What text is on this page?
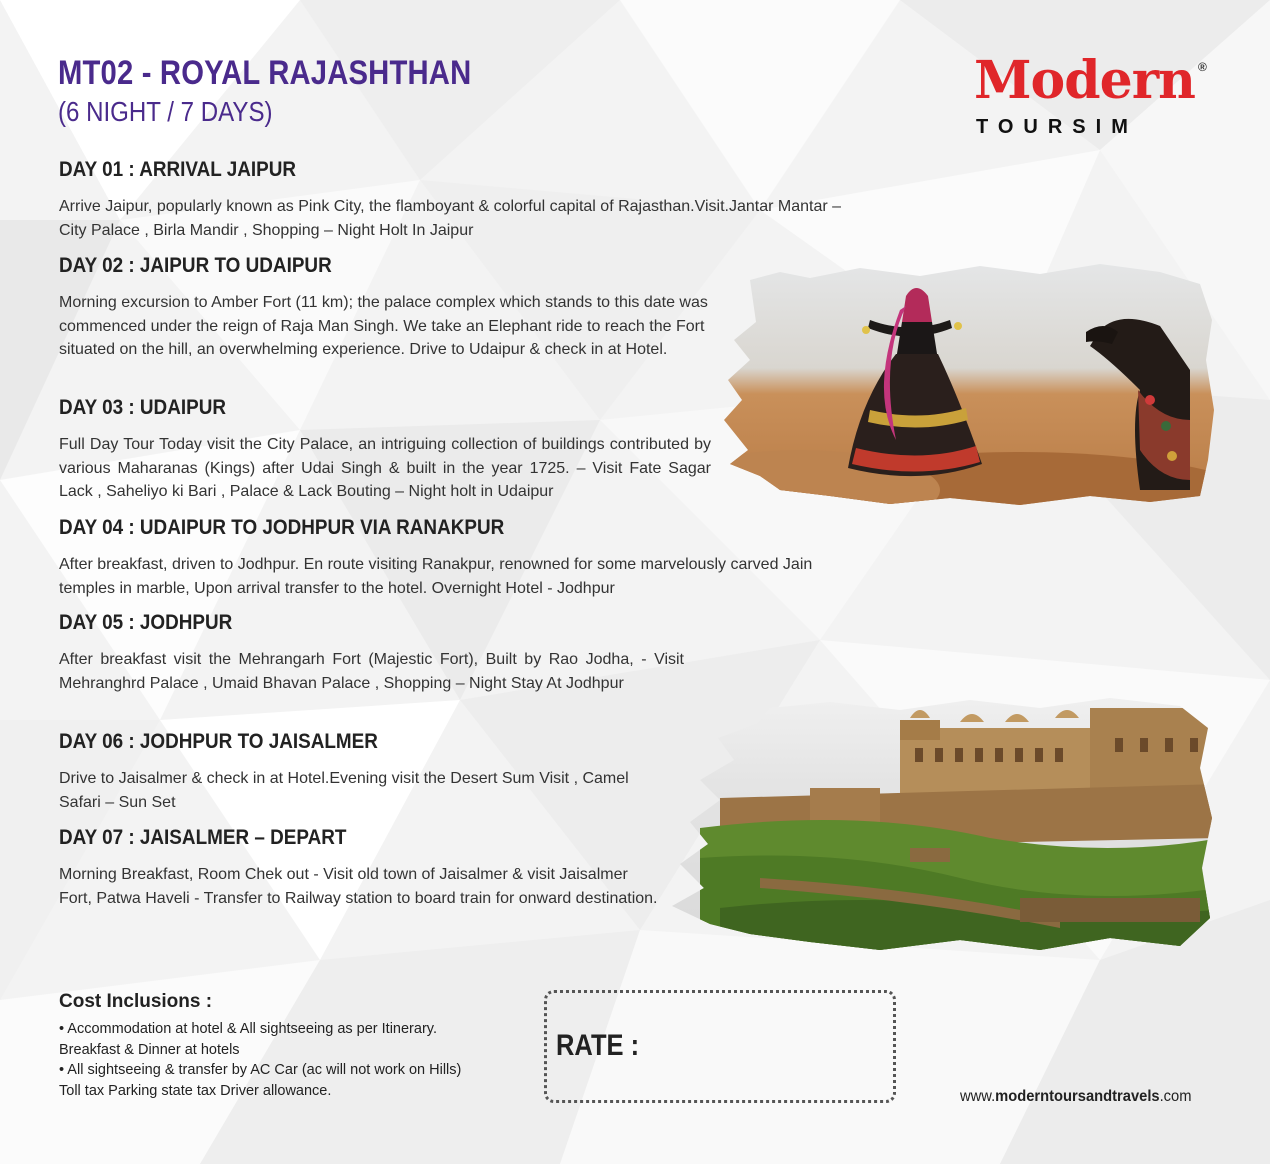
MT02 - ROYAL RAJASHTHAN
(6 NIGHT / 7 DAYS)
Modern ®
TOURSIM
DAY 01 : ARRIVAL JAIPUR

Arrive Jaipur, popularly known as Pink City, the flamboyant & colorful capital of Rajasthan.Visit.Jantar Mantar – City Palace , Birla Mandir , Shopping – Night Holt In Jaipur

DAY 02 : JAIPUR TO UDAIPUR

Morning excursion to Amber Fort (11 km); the palace complex which stands to this date was commenced under the reign of Raja Man Singh. We take an Elephant ride to reach the Fort situated on the hill, an overwhelming experience. Drive to Udaipur & check in at Hotel.

DAY 03 : UDAIPUR

Full Day Tour Today visit the City Palace, an intriguing collection of buildings contributed by various Maharanas (Kings) after Udai Singh & built in the year 1725. – Visit Fate Sagar Lack , Saheliyo ki Bari , Palace & Lack Bouting – Night holt in Udaipur

DAY 04 : UDAIPUR TO JODHPUR VIA RANAKPUR

After breakfast, driven to Jodhpur. En route visiting Ranakpur, renowned for some marvelously carved Jain temples in marble, Upon arrival transfer to the hotel. Overnight Hotel - Jodhpur

DAY 05 : JODHPUR

After breakfast visit the Mehrangarh Fort (Majestic Fort), Built by Rao Jodha, - Visit Mehranghrd Palace , Umaid Bhavan Palace , Shopping – Night Stay At Jodhpur

DAY 06 : JODHPUR TO JAISALMER

Drive to Jaisalmer & check in at Hotel.Evening visit the Desert Sum Visit , Camel Safari – Sun Set

DAY 07 : JAISALMER – DEPART

Morning Breakfast, Room Chek out - Visit old town of Jaisalmer & visit Jaisalmer Fort, Patwa Haveli - Transfer to Railway station to board train for onward destination.

Cost Inclusions :
• Accommodation at hotel & All sightseeing as per Itinerary.
Breakfast & Dinner at hotels
• All sightseeing & transfer by AC Car (ac will not work on Hills)
Toll tax Parking state tax Driver allowance.
RATE :
www.moderntoursandtravels.com
